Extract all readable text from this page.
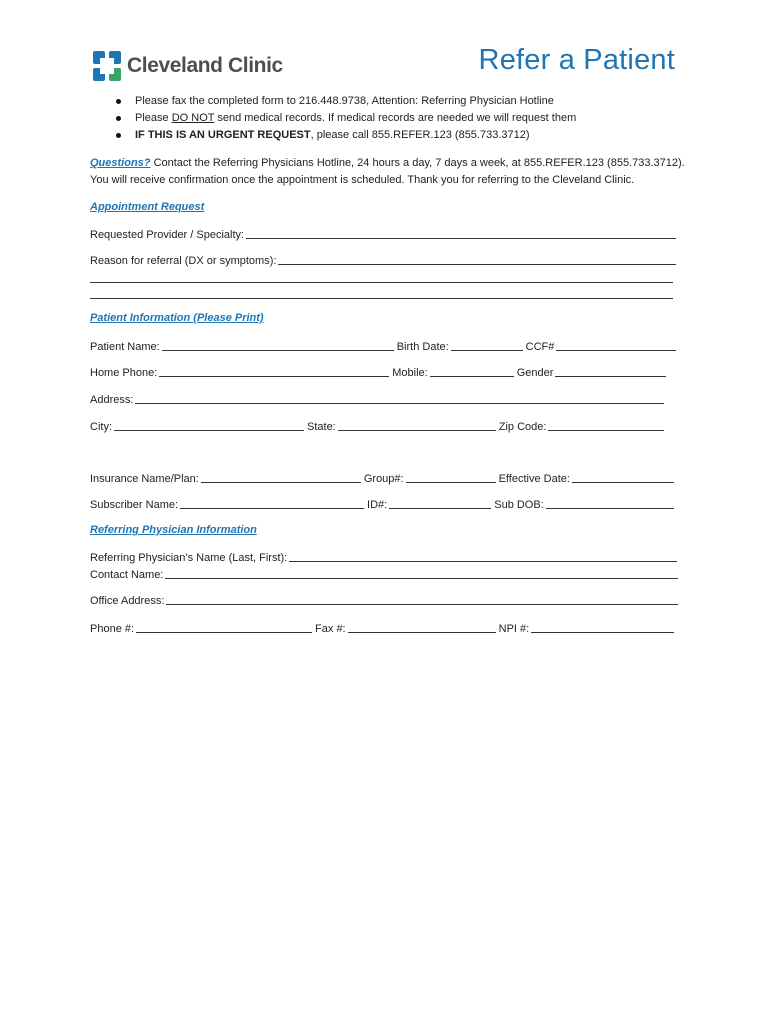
Cleveland Clinic	Refer a Patient
Please fax the completed form to 216.448.9738, Attention: Referring Physician Hotline
Please DO NOT send medical records. If medical records are needed we will request them
IF THIS IS AN URGENT REQUEST, please call 855.REFER.123 (855.733.3712)
Questions? Contact the Referring Physicians Hotline, 24 hours a day, 7 days a week, at 855.REFER.123 (855.733.3712).
You will receive confirmation once the appointment is scheduled. Thank you for referring to the Cleveland Clinic.
Appointment Request
Requested Provider / Specialty:
Reason for referral (DX or symptoms):
Patient Information (Please Print)
Patient Name:	Birth Date:	CCF#
Home Phone:	Mobile:	Gender
Address:
City:	State:	Zip Code:
Insurance Name/Plan:	Group#:	Effective Date:
Subscriber Name:	ID#:	Sub DOB:
Referring Physician Information
Referring Physician’s Name (Last, First):
Contact Name:
Office Address:
Phone #:	Fax #:	NPI #:
